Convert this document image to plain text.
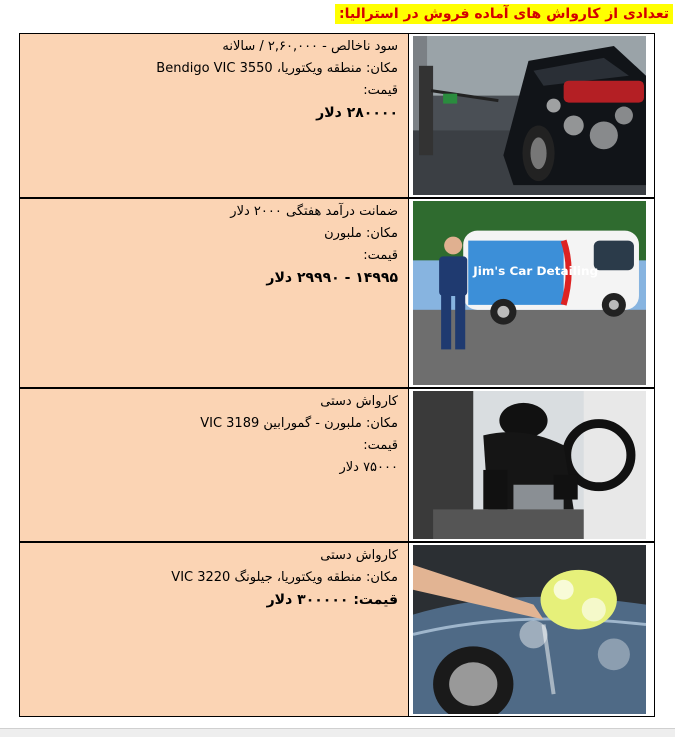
تعدادی از کارواش های آماده فروش در استرالیا:
سود ناخالص - ۲,۶۰,۰۰۰ / سالانه
مکان: منطقه ویکتوریا، Bendigo VIC 3550
قیمت:
۲۸۰۰۰۰ دلار
ضمانت درآمد هفتگی ۲۰۰۰ دلار
مکان: ملبورن
قیمت:
۱۴۹۹۵ - ۲۹۹۹۰ دلار	Jim's Car Detailing
کارواش دستی
مکان: ملبورن - گمورابین VIC 3189
قیمت:
۷۵۰۰۰ دلار
کارواش دستی
مکان: منطقه ویکتوریا، جیلونگ VIC 3220
قیمت: ۳۰۰۰۰۰ دلار
